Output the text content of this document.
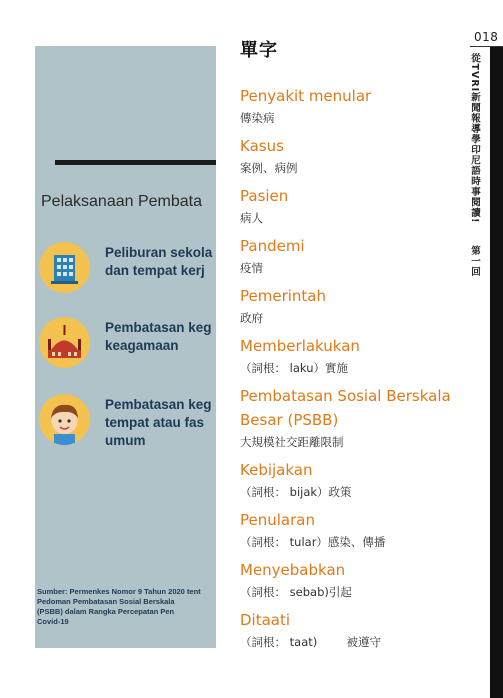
Pelaksanaan Pembata
Peliburan sekola
dan tempat kerj
Pembatasan keg
keagamaan
Pembatasan keg
tempat atau fas
umum
Sumber: Permenkes Nomor 9 Tahun 2020 tent
Pedoman Pembatasan Sosial Berskala
(PSBB) dalam Rangka Percepatan Pen
Covid-19
單字
Penyakit menular
傳染病
Kasus
案例、病例
Pasien
病人
Pandemi
疫情
Pemerintah
政府
Memberlakukan
（詞根： laku）實施
Pembatasan Sosial Berskala
Besar (PSBB)
大規模社交距離限制
Kebijakan
（詞根： bijak）政策
Penularan
（詞根： tular）感染、傳播
Menyebabkan
（詞根： sebab)引起
Ditaati
（詞根： taat)        被遵守
018
從TVRI新聞報導學印尼語時事閱讀!第一回
